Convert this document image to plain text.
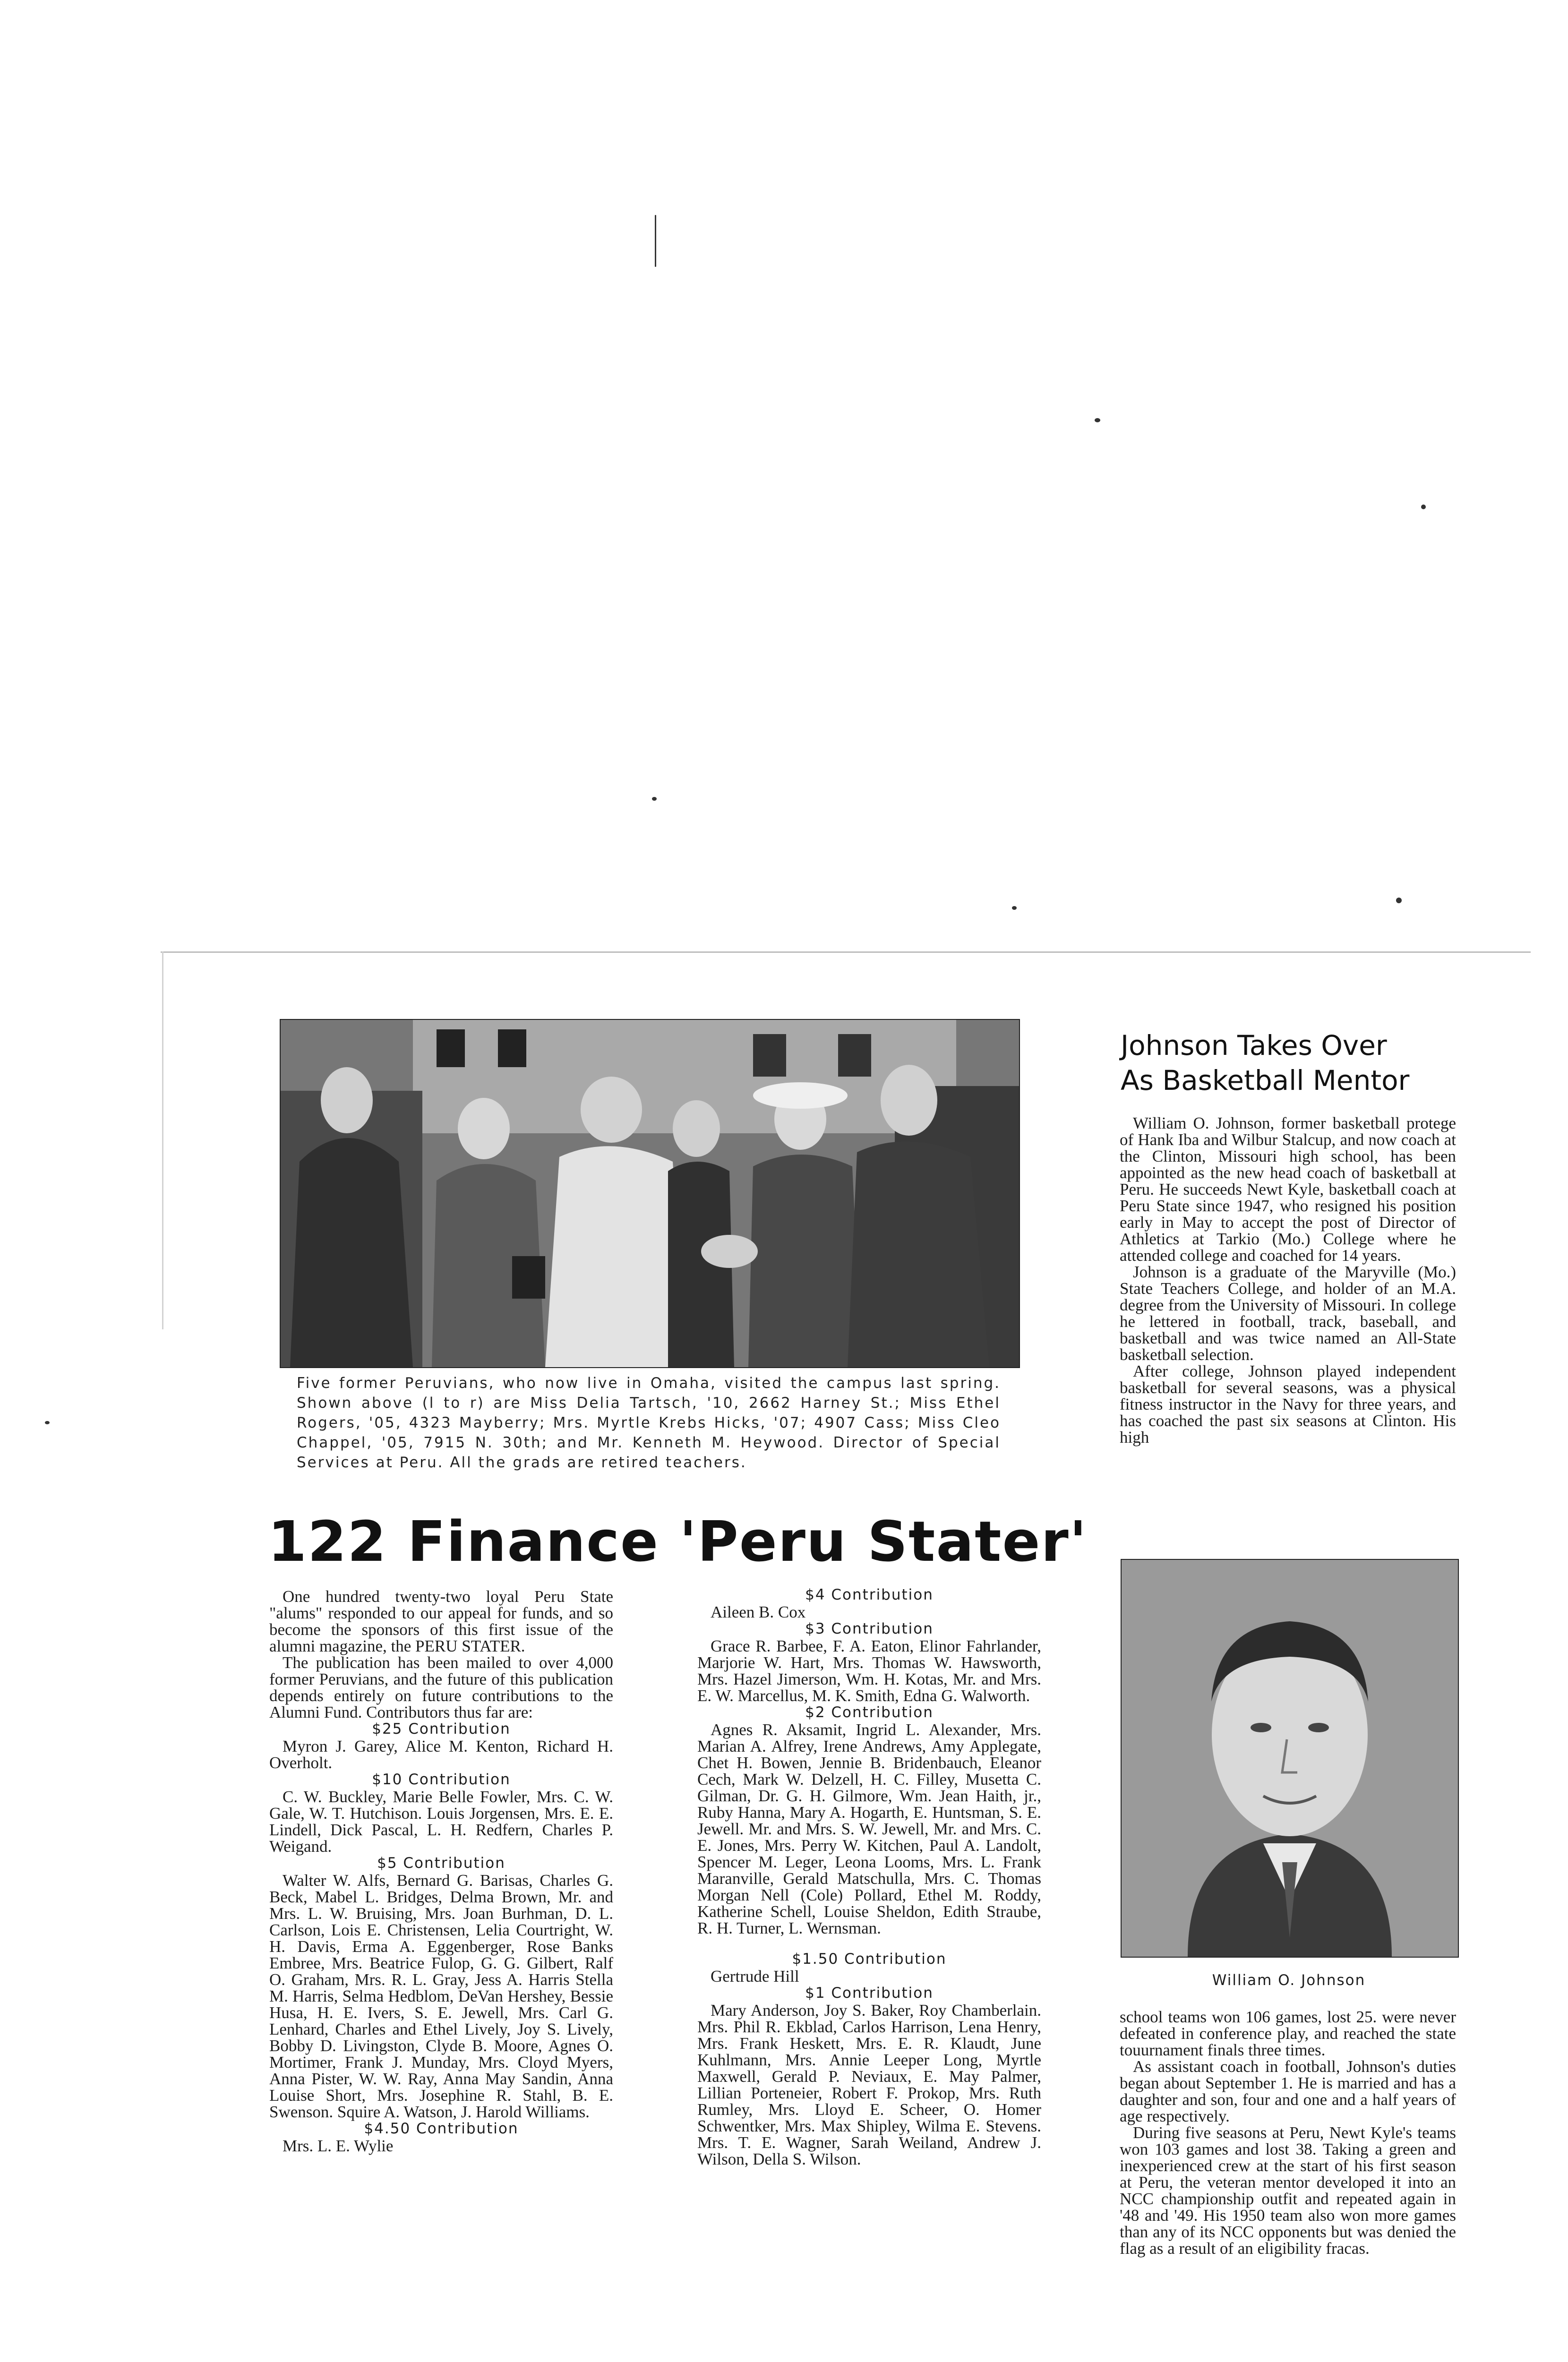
Five former Peruvians, who now live in Omaha, visited the campus last spring. Shown above (l to r) are Miss Delia Tartsch, '10, 2662 Harney St.; Miss Ethel Rogers, '05, 4323 Mayberry; Mrs. Myrtle Krebs Hicks, '07; 4907 Cass; Miss Cleo Chappel, '05, 7915 N. 30th; and Mr. Kenneth M. Heywood. Director of Special Services at Peru. All the grads are retired teachers.
122 Finance 'Peru Stater'

One hundred twenty-two loyal Peru State "alums" responded to our appeal for funds, and so become the sponsors of this first issue of the alumni magazine, the PERU STATER.

The publication has been mailed to over 4,000 former Peruvians, and the future of this publication depends entirely on future contributions to the Alumni Fund. Contributors thus far are:

$25 Contribution
Myron J. Garey, Alice M. Kenton, Richard H. Overholt.
$10 Contribution
C. W. Buckley, Marie Belle Fowler, Mrs. C. W. Gale, W. T. Hutchison. Louis Jorgensen, Mrs. E. E. Lindell, Dick Pascal, L. H. Redfern, Charles P. Weigand.
$5 Contribution
Walter W. Alfs, Bernard G. Barisas, Charles G. Beck, Mabel L. Bridges, Delma Brown, Mr. and Mrs. L. W. Bruising, Mrs. Joan Burhman, D. L. Carlson, Lois E. Christensen, Lelia Courtright, W. H. Davis, Erma A. Eggenberger, Rose Banks Embree, Mrs. Beatrice Fulop, G. G. Gilbert, Ralf O. Graham, Mrs. R. L. Gray, Jess A. Harris Stella M. Harris, Selma Hedblom, DeVan Hershey, Bessie Husa, H. E. Ivers, S. E. Jewell, Mrs. Carl G. Lenhard, Charles and Ethel Lively, Joy S. Lively, Bobby D. Livingston, Clyde B. Moore, Agnes O. Mortimer, Frank J. Munday, Mrs. Cloyd Myers, Anna Pister, W. W. Ray, Anna May Sandin, Anna Louise Short, Mrs. Josephine R. Stahl, B. E. Swenson. Squire A. Watson, J. Harold Williams.
$4.50 Contribution
Mrs. L. E. Wylie
$4 Contribution
Aileen B. Cox
$3 Contribution
Grace R. Barbee, F. A. Eaton, Elinor Fahrlander, Marjorie W. Hart, Mrs. Thomas W. Hawsworth, Mrs. Hazel Jimerson, Wm. H. Kotas, Mr. and Mrs. E. W. Marcellus, M. K. Smith, Edna G. Walworth.
$2 Contribution
Agnes R. Aksamit, Ingrid L. Alexander, Mrs. Marian A. Alfrey, Irene Andrews, Amy Applegate, Chet H. Bowen, Jennie B. Bridenbauch, Eleanor Cech, Mark W. Delzell, H. C. Filley, Musetta C. Gilman, Dr. G. H. Gilmore, Wm. Jean Haith, jr., Ruby Hanna, Mary A. Hogarth, E. Huntsman, S. E. Jewell. Mr. and Mrs. S. W. Jewell, Mr. and Mrs. C. E. Jones, Mrs. Perry W. Kitchen, Paul A. Landolt, Spencer M. Leger, Leona Looms, Mrs. L. Frank Maranville, Gerald Matschulla, Mrs. C. Thomas Morgan Nell (Cole) Pollard, Ethel M. Roddy, Katherine Schell, Louise Sheldon, Edith Straube, R. H. Turner, L. Wernsman.
$1.50 Contribution
Gertrude Hill
$1 Contribution
Mary Anderson, Joy S. Baker, Roy Chamberlain. Mrs. Phil R. Ekblad, Carlos Harrison, Lena Henry, Mrs. Frank Heskett, Mrs. E. R. Klaudt, June Kuhlmann, Mrs. Annie Leeper Long, Myrtle Maxwell, Gerald P. Neviaux, E. May Palmer, Lillian Porteneier, Robert F. Prokop, Mrs. Ruth Rumley, Mrs. Lloyd E. Scheer, O. Homer Schwentker, Mrs. Max Shipley, Wilma E. Stevens. Mrs. T. E. Wagner, Sarah Weiland, Andrew J. Wilson, Della S. Wilson.
Johnson Takes Over
As Basketball Mentor

William O. Johnson, former basketball protege of Hank Iba and Wilbur Stalcup, and now coach at the Clinton, Missouri high school, has been appointed as the new head coach of basketball at Peru. He succeeds Newt Kyle, basketball coach at Peru State since 1947, who resigned his position early in May to accept the post of Director of Athletics at Tarkio (Mo.) College where he attended college and coached for 14 years.

Johnson is a graduate of the Maryville (Mo.) State Teachers College, and holder of an M.A. degree from the University of Missouri. In college he lettered in football, track, baseball, and basketball and was twice named an All-State basketball selection.

After college, Johnson played independent basketball for several seasons, was a physical fitness instructor in the Navy for three years, and has coached the past six seasons at Clinton. His high

William O. Johnson

school teams won 106 games, lost 25. were never defeated in conference play, and reached the state touurnament finals three times.

As assistant coach in football, Johnson's duties began about September 1. He is married and has a daughter and son, four and one and a half years of age respectively.

During five seasons at Peru, Newt Kyle's teams won 103 games and lost 38. Taking a green and inexperienced crew at the start of his first season at Peru, the veteran mentor developed it into an NCC championship outfit and repeated again in '48 and '49. His 1950 team also won more games than any of its NCC opponents but was denied the flag as a result of an eligibility fracas.
